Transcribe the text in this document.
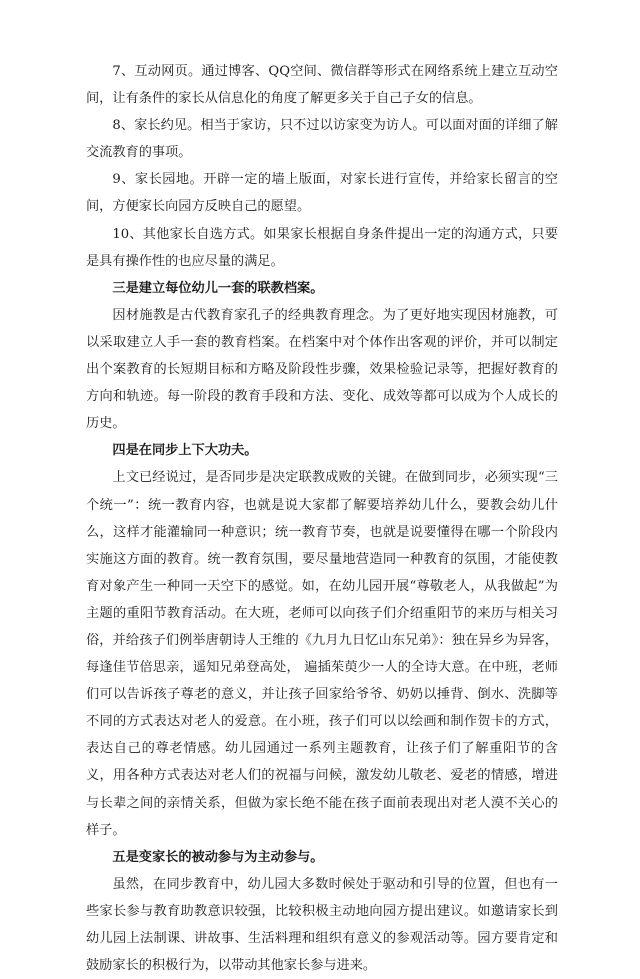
7、互动网页。通过博客、QQ空间、微信群等形式在网络系统上建立互动空间，让有条件的家长从信息化的角度了解更多关于自己子女的信息。

8、家长约见。相当于家访，只不过以访家变为访人。可以面对面的详细了解交流教育的事项。

9、家长园地。开辟一定的墙上版面，对家长进行宣传，并给家长留言的空间，方便家长向园方反映自己的愿望。

10、其他家长自选方式。如果家长根据自身条件提出一定的沟通方式，只要是具有操作性的也应尽量的满足。

三是建立每位幼儿一套的联教档案。

因材施教是古代教育家孔子的经典教育理念。为了更好地实现因材施教，可以采取建立人手一套的教育档案。在档案中对个体作出客观的评价，并可以制定出个案教育的长短期目标和方略及阶段性步骤，效果检验记录等，把握好教育的方向和轨迹。每一阶段的教育手段和方法、变化、成效等都可以成为个人成长的历史。

四是在同步上下大功夫。

上文已经说过，是否同步是决定联教成败的关键。在做到同步，必须实现“三个统一”：统一教育内容，也就是说大家都了解要培养幼儿什么，要教会幼儿什么，这样才能灌输同一种意识；统一教育节奏，也就是说要懂得在哪一个阶段内实施这方面的教育。统一教育氛围，要尽量地营造同一种教育的氛围，才能使教育对象产生一种同一天空下的感觉。如，在幼儿园开展“尊敬老人，从我做起”为主题的重阳节教育活动。在大班，老师可以向孩子们介绍重阳节的来历与相关习俗，并给孩子们例举唐朝诗人王维的《九月九日忆山东兄弟》：独在异乡为异客， 每逢佳节倍思亲，遥知兄弟登高处， 遍插茱萸少一人的全诗大意。在中班，老师们可以告诉孩子尊老的意义，并让孩子回家给爷爷、奶奶以捶背、倒水、洗脚等不同的方式表达对老人的爱意。在小班，孩子们可以以绘画和制作贺卡的方式，表达自己的尊老情感。幼儿园通过一系列主题教育，让孩子们了解重阳节的含义，用各种方式表达对老人们的祝福与问候，激发幼儿敬老、爱老的情感，增进与长辈之间的亲情关系，但做为家长绝不能在孩子面前表现出对老人漠不关心的样子。

五是变家长的被动参与为主动参与。

虽然，在同步教育中，幼儿园大多数时候处于驱动和引导的位置，但也有一些家长参与教育助教意识较强，比较积极主动地向园方提出建议。如邀请家长到幼儿园上法制课、讲故事、生活料理和组织有意义的参观活动等。园方要肯定和鼓励家长的积极行为，以带动其他家长参与进来。
